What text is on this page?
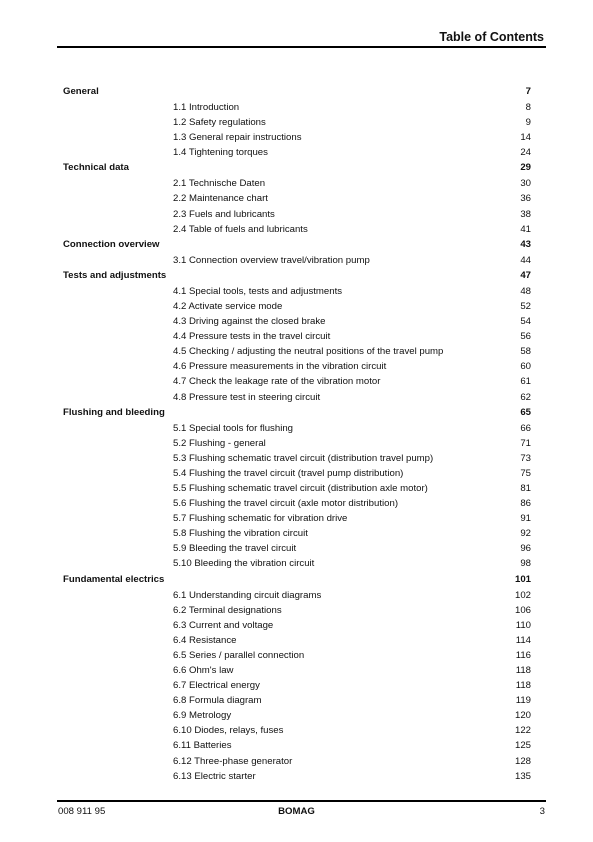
Table of Contents
General	7
1.1 Introduction	8
1.2 Safety regulations	9
1.3 General repair instructions	14
1.4 Tightening torques	24
Technical data	29
2.1 Technische Daten	30
2.2 Maintenance chart	36
2.3 Fuels and lubricants	38
2.4 Table of fuels and lubricants	41
Connection overview	43
3.1 Connection overview travel/vibration pump	44
Tests and adjustments	47
4.1 Special tools, tests and adjustments	48
4.2 Activate service mode	52
4.3 Driving against the closed brake	54
4.4 Pressure tests in the travel circuit	56
4.5 Checking / adjusting the neutral positions of the travel pump	58
4.6 Pressure measurements in the vibration circuit	60
4.7 Check the leakage rate of the vibration motor	61
4.8 Pressure test in steering circuit	62
Flushing and bleeding	65
5.1 Special tools for flushing	66
5.2 Flushing - general	71
5.3 Flushing schematic travel circuit (distribution travel pump)	73
5.4 Flushing the travel circuit (travel pump distribution)	75
5.5 Flushing schematic travel circuit (distribution axle motor)	81
5.6 Flushing the travel circuit (axle motor distribution)	86
5.7 Flushing schematic for vibration drive	91
5.8 Flushing the vibration circuit	92
5.9 Bleeding the travel circuit	96
5.10 Bleeding the vibration circuit	98
Fundamental electrics	101
6.1 Understanding circuit diagrams	102
6.2 Terminal designations	106
6.3 Current and voltage	110
6.4 Resistance	114
6.5 Series / parallel connection	116
6.6 Ohm's law	118
6.7 Electrical energy	118
6.8 Formula diagram	119
6.9 Metrology	120
6.10 Diodes, relays, fuses	122
6.11 Batteries	125
6.12 Three-phase generator	128
6.13 Electric starter	135
008 911 95	BOMAG	3
